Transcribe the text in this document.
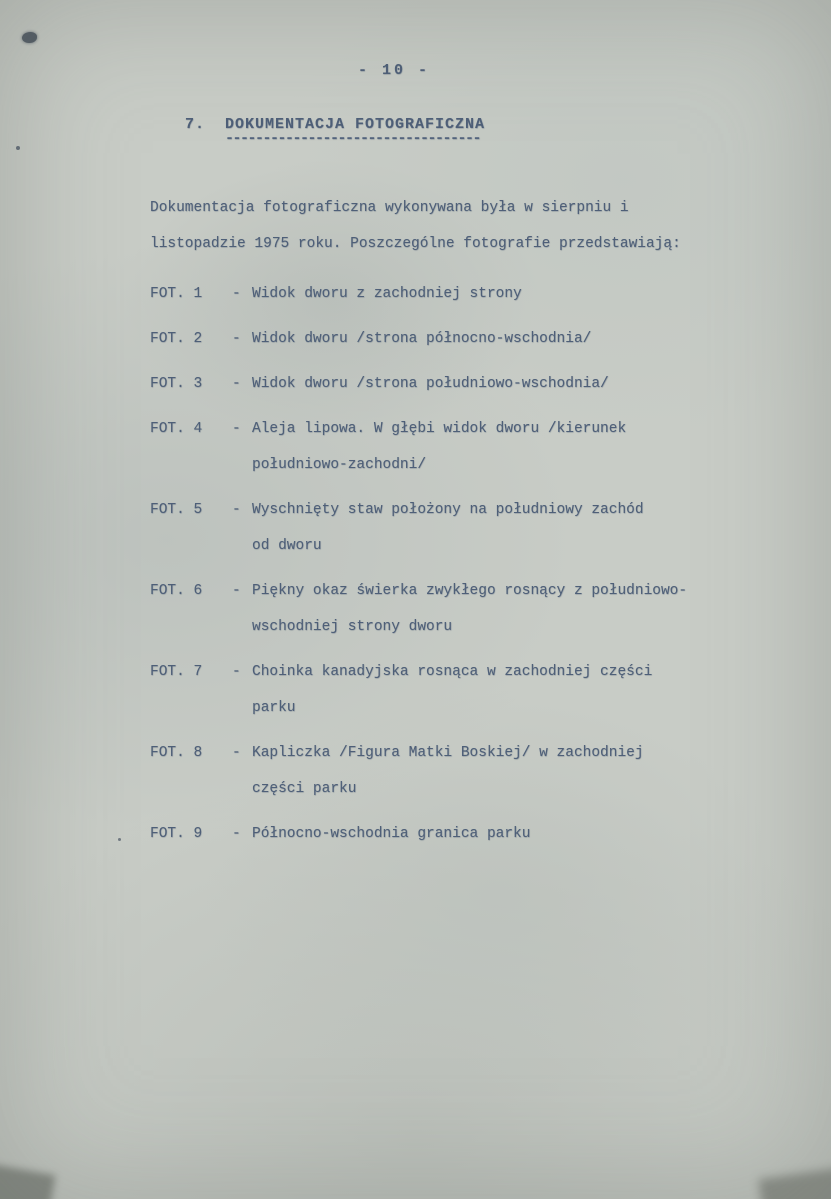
- 10 -
7.  DOKUMENTACJA FOTOGRAFICZNA
----------------------------------
Dokumentacja fotograficzna wykonywana była w sierpniu i
listopadzie 1975 roku. Poszczególne fotografie przedstawiają:
FOT. 1	- Widok dworu z zachodniej strony
FOT. 2	- Widok dworu /strona północno-wschodnia/
FOT. 3	- Widok dworu /strona południowo-wschodnia/
FOT. 4	- Aleja lipowa. W głębi widok dworu /kierunek
południowo-zachodni/
FOT. 5	- Wyschnięty staw położony na południowy zachód
od dworu
FOT. 6	- Piękny okaz świerka zwykłego rosnący z południowo-
wschodniej strony dworu
FOT. 7	- Choinka kanadyjska rosnąca w zachodniej części
parku
FOT. 8	- Kapliczka /Figura Matki Boskiej/ w zachodniej
części parku
FOT. 9	- Północno-wschodnia granica parku
